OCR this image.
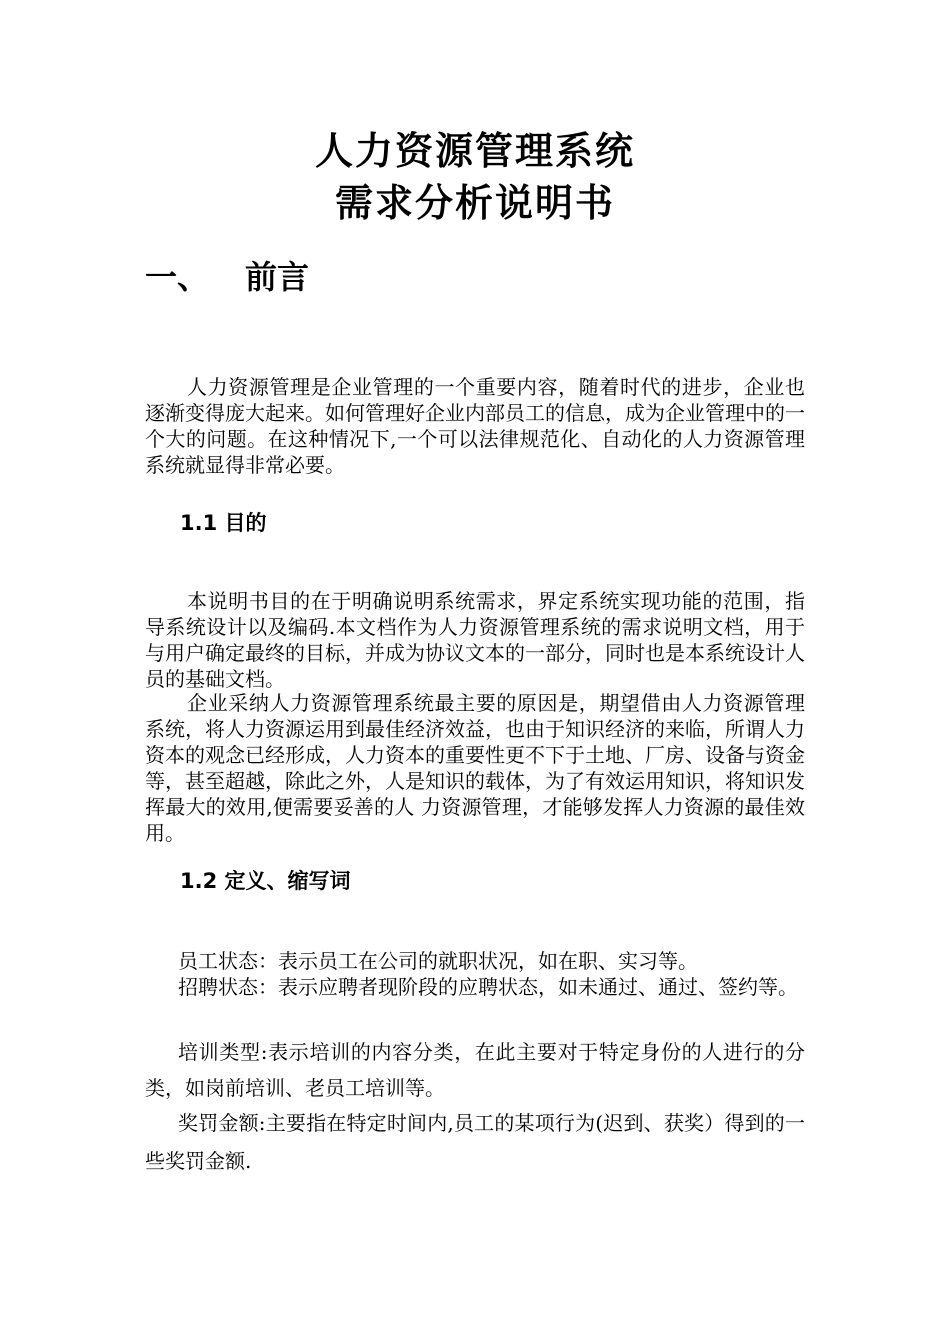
人力资源管理系统
需求分析说明书
一、 前言

人力资源管理是企业管理的一个重要内容，随着时代的进步，企业也逐渐变得庞大起来。如何管理好企业内部员工的信息，成为企业管理中的一个大的问题。在这种情况下,一个可以法律规范化、自动化的人力资源管理系统就显得非常必要。

1.1 目的

本说明书目的在于明确说明系统需求，界定系统实现功能的范围，指导系统设计以及编码.本文档作为人力资源管理系统的需求说明文档，用于与用户确定最终的目标，并成为协议文本的一部分，同时也是本系统设计人员的基础文档。

企业采纳人力资源管理系统最主要的原因是，期望借由人力资源管理系统，将人力资源运用到最佳经济效益，也由于知识经济的来临，所谓人力资本的观念已经形成，人力资本的重要性更不下于土地、厂房、设备与资金等，甚至超越，除此之外，人是知识的载体，为了有效运用知识，将知识发挥最大的效用,便需要妥善的人 力资源管理，才能够发挥人力资源的最佳效用。

1.2 定义、缩写词

员工状态：表示员工在公司的就职状况，如在职、实习等。

招聘状态：表示应聘者现阶段的应聘状态，如未通过、通过、签约等。

培训类型:表示培训的内容分类，在此主要对于特定身份的人进行的分类，如岗前培训、老员工培训等。

奖罚金额:主要指在特定时间内,员工的某项行为(迟到、获奖）得到的一些奖罚金额.
